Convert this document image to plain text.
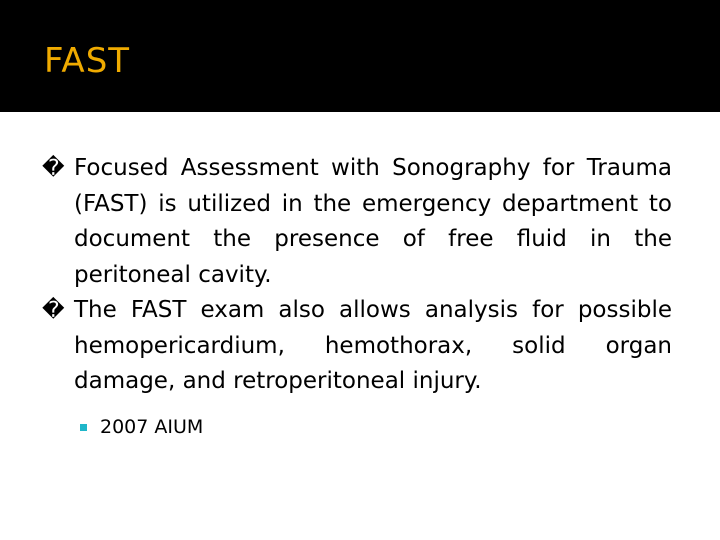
FAST
� Focused Assessment with Sonography for Trauma (FAST) is utilized in the emergency department to document the presence of free fluid in the peritoneal cavity.
� The FAST exam also allows analysis for possible hemopericardium, hemothorax, solid organ damage, and retroperitoneal injury.
2007 AIUM
